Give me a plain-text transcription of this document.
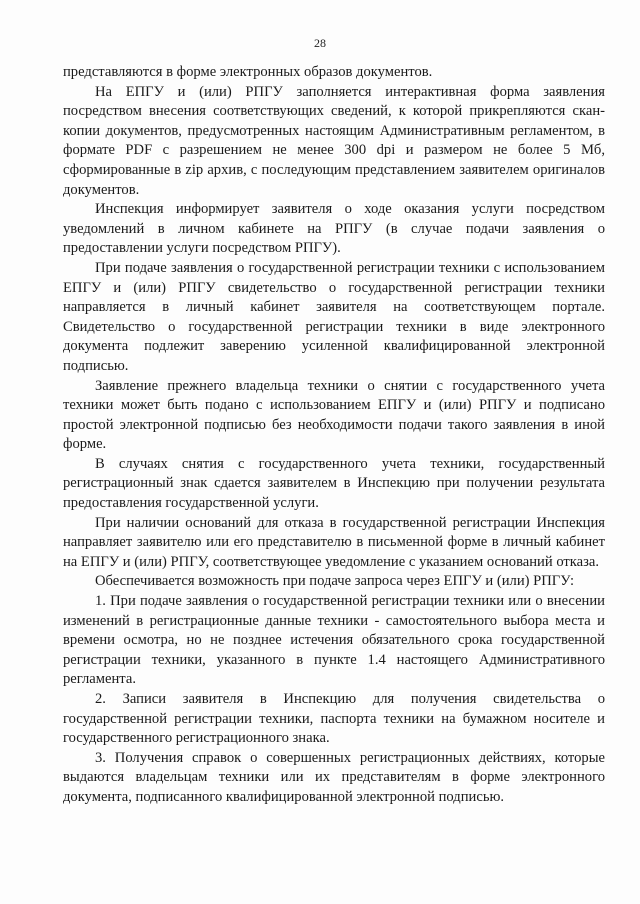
28

представляются в форме электронных образов документов.

На ЕПГУ и (или) РПГУ заполняется интерактивная форма заявления посредством внесения соответствующих сведений, к которой прикрепляются скан-копии документов, предусмотренных настоящим Административным регламентом, в формате PDF с разрешением не менее 300 dpi и размером не более 5 Мб, сформированные в zip архив, с последующим представлением заявителем оригиналов документов.

Инспекция информирует заявителя о ходе оказания услуги посредством уведомлений в личном кабинете на РПГУ (в случае подачи заявления о предоставлении услуги посредством РПГУ).

При подаче заявления о государственной регистрации техники с использованием ЕПГУ и (или) РПГУ свидетельство о государственной регистрации техники направляется в личный кабинет заявителя на соответствующем портале. Свидетельство о государственной регистрации техники в виде электронного документа подлежит заверению усиленной квалифицированной электронной подписью.

Заявление прежнего владельца техники о снятии с государственного учета техники может быть подано с использованием ЕПГУ и (или) РПГУ и подписано простой электронной подписью без необходимости подачи такого заявления в иной форме.

В случаях снятия с государственного учета техники, государственный регистрационный знак сдается заявителем в Инспекцию при получении результата предоставления государственной услуги.

При наличии оснований для отказа в государственной регистрации Инспекция направляет заявителю или его представителю в письменной форме в личный кабинет на ЕПГУ и (или) РПГУ, соответствующее уведомление с указанием оснований отказа.

Обеспечивается возможность при подаче запроса через ЕПГУ и (или) РПГУ:

1. При подаче заявления о государственной регистрации техники или о внесении изменений в регистрационные данные техники - самостоятельного выбора места и времени осмотра, но не позднее истечения обязательного срока государственной регистрации техники, указанного в пункте 1.4 настоящего Административного регламента.

2. Записи заявителя в Инспекцию для получения свидетельства о государственной регистрации техники, паспорта техники на бумажном носителе и государственного регистрационного знака.

3. Получения справок о совершенных регистрационных действиях, которые выдаются владельцам техники или их представителям в форме электронного документа, подписанного квалифицированной электронной подписью.
